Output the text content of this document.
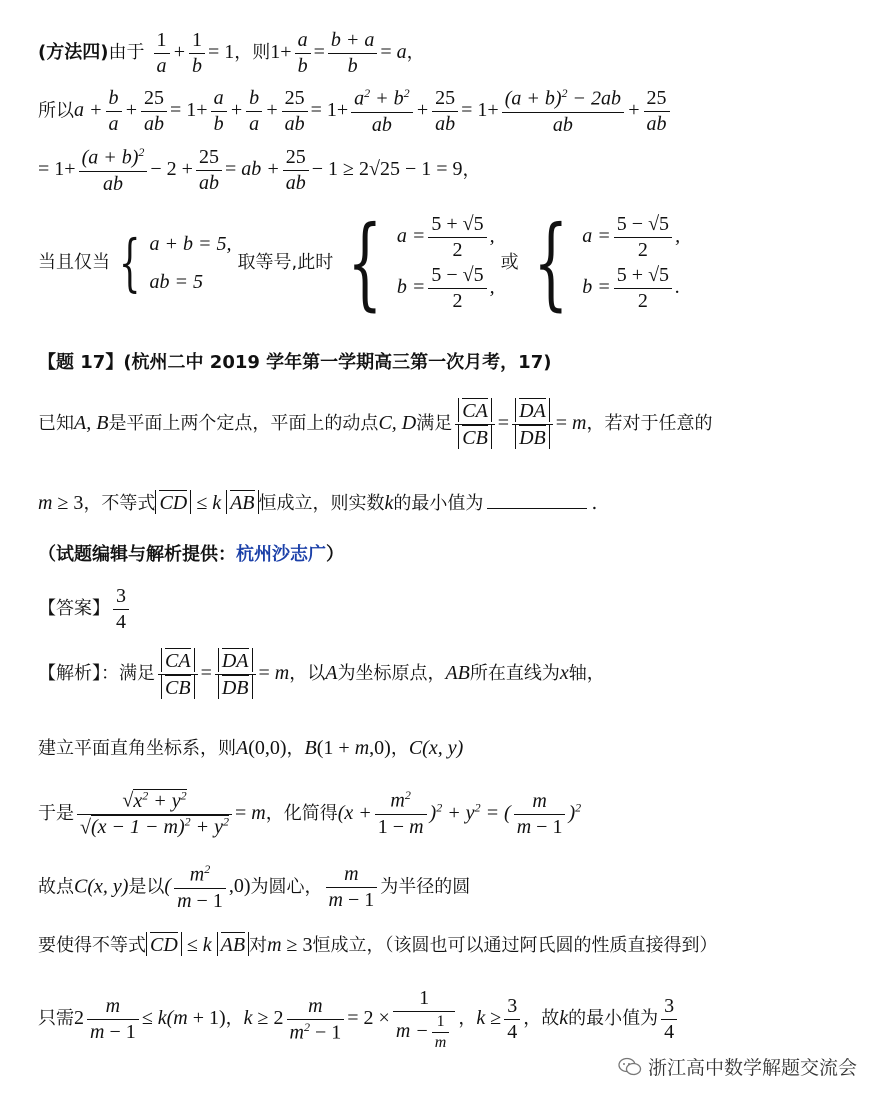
(方法四)由于 $\frac{1}{a} + \frac{1}{b} = 1$，则$1+ \frac{a}{b} = \frac{b + a}{b} = a$，
所以$a + \frac{b}{a} + \frac{25}{ab} = 1+ \frac{a}{b} + \frac{b}{a} + \frac{25}{ab} = 1+ \frac{a^2 + b^2}{ab} + \frac{25}{ab} = 1+ \frac{(a + b)^2 - 2ab}{ab} + \frac{25}{ab}$
= $1+ \frac{(a + b)^2}{ab} - 2 + \frac{25}{ab}$ = ab + $\frac{25}{ab} - 1 \ge 2√25 - 1 = 9$，
当且仅当 { a + b = 5,
ab = 5
取等号,此时 { $a = \frac{5 + √5}{2}$ ,
$b = \frac{5 - √5}{2}$ ,
或 { $a = \frac{5 - √5}{2}$ ,
$b = \frac{5 + √5}{2}$ .
【题 17】(杭州二中 2019 学年第一学期高三第一次月考，17)
已知A, B是平面上两个定点，平面上的动点C, D满足 $\frac{CA}{CB} = \frac{DA}{DB} = m$，若对于任意的
m ≥ 3，不等式 CD ≤ k AB 恒成立，则实数k的最小值为	.
（试题编辑与解析提供：杭州沙志广）
【答案】 $\frac{3}{4}$
【解析】：满足 $\frac{CA}{CB} = \frac{DA}{DB} = m$，以A为坐标原点，AB所在直线为x轴，
建立平面直角坐标系，则A(0,0)，B(1 + m,0)，C(x, y)
于是 $\frac{√x^2 + y^2}{√(x - 1 - m)^2 + y^2} = m$，化简得$(x + \frac{m^2}{1 - m} )^2 + y^2$ = ( $\frac{m}{m - 1} )^2$
故点C(x, y)是以( $\frac{m^2}{m - 1} ,0$)为圆心， $\frac{m}{m - 1}$ 为半径的圆
要使得不等式 CD ≤ k AB 对m ≥ 3恒成立，（该圆也可以通过阿氏圆的性质直接得到）
只需$2 \frac{m}{m - 1} \le k(m + 1)$，$k \ge 2 \frac{m}{m^2 - 1} = 2 \times \frac{1}{m - \frac{1}{m}}$ ，$k \ge \frac{3}{4}$ ，故k的最小值为 $\frac{3}{4}$
浙江高中数学解题交流会
